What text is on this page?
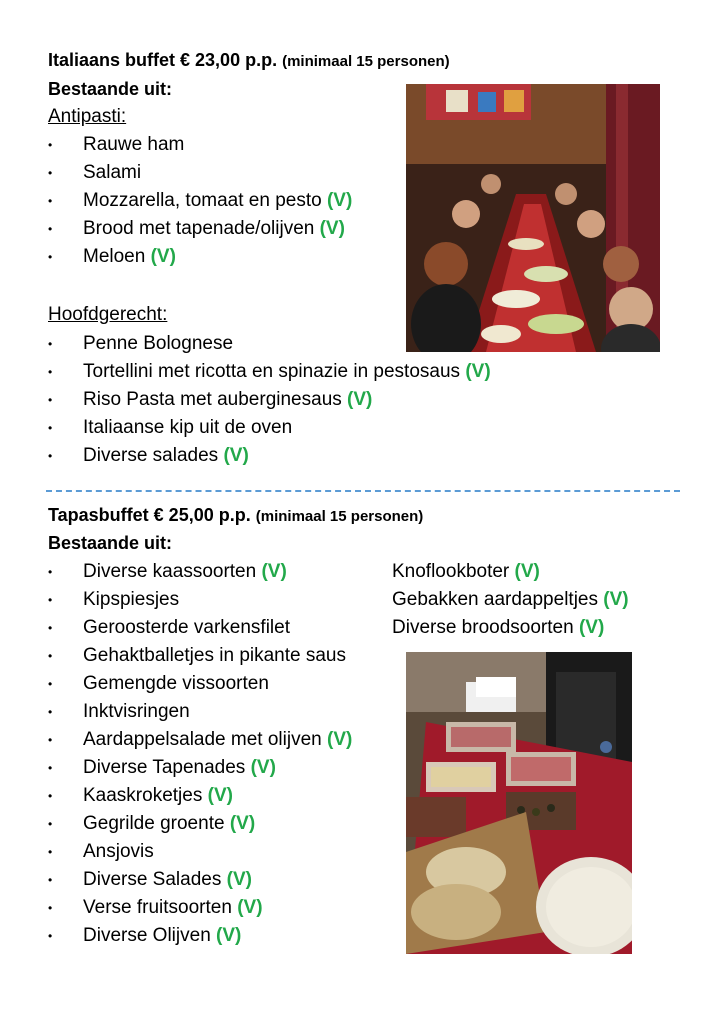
Italiaans buffet € 23,00 p.p. (minimaal 15 personen)
Bestaande uit:
Antipasti:
• Rauwe ham
• Salami
• Mozzarella, tomaat en pesto (V)
• Brood met tapenade/olijven (V)
• Meloen (V)
Hoofdgerecht:
• Penne Bolognese
• Tortellini met ricotta en spinazie in pestosaus (V)
• Riso Pasta met auberginesaus (V)
• Italiaanse kip uit de oven
• Diverse salades (V)
Tapasbuffet € 25,00 p.p. (minimaal 15 personen)
Bestaande uit:
• Diverse kaassoorten (V)
• Kipspiesjes
• Geroosterde varkensfilet
• Gehaktballetjes in pikante saus
• Gemengde vissoorten
• Inktvisringen
• Aardappelsalade met olijven (V)
• Diverse Tapenades (V)
• Kaaskroketjes (V)
• Gegrilde groente (V)
• Ansjovis
• Diverse Salades (V)
• Verse fruitsoorten (V)
• Diverse Olijven (V)
Knoflookboter (V)
Gebakken aardappeltjes (V)
Diverse broodsoorten (V)
